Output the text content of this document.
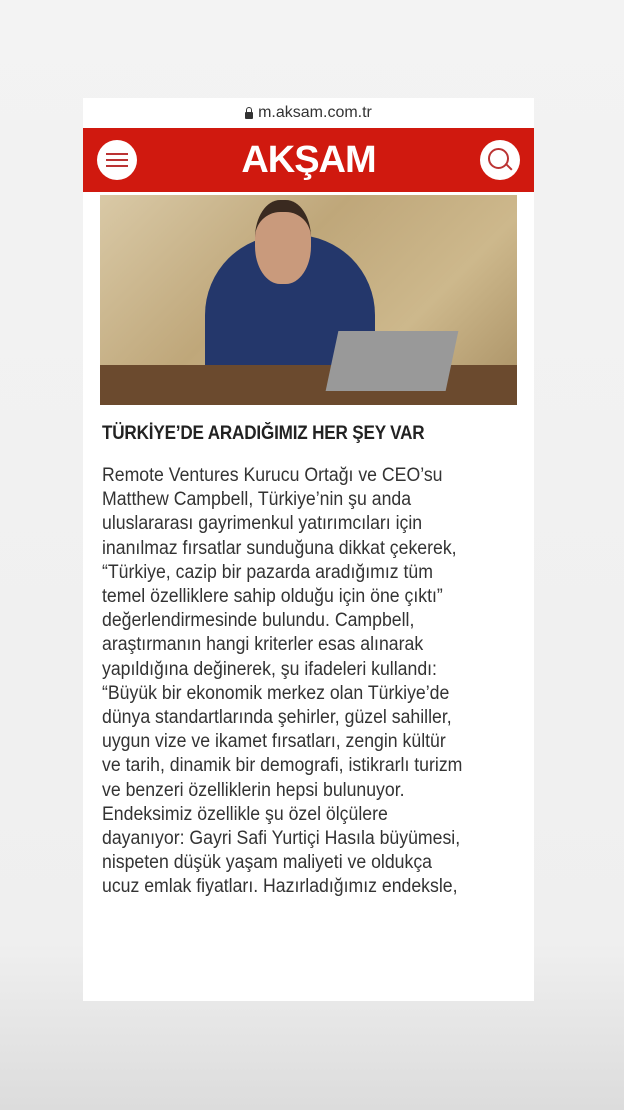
m.aksam.com.tr
AKŞAM
TÜRKİYE’DE ARADIĞIMIZ HER ŞEY VAR
Remote Ventures Kurucu Ortağı ve CEO’su
Matthew Campbell, Türkiye’nin şu anda
uluslararası gayrimenkul yatırımcıları için
inanılmaz fırsatlar sunduğuna dikkat çekerek,
“Türkiye, cazip bir pazarda aradığımız tüm
temel özelliklere sahip olduğu için öne çıktı”
değerlendirmesinde bulundu. Campbell,
araştırmanın hangi kriterler esas alınarak
yapıldığına değinerek, şu ifadeleri kullandı:
“Büyük bir ekonomik merkez olan Türkiye’de
dünya standartlarında şehirler, güzel sahiller,
uygun vize ve ikamet fırsatları, zengin kültür
ve tarih, dinamik bir demografi, istikrarlı turizm
ve benzeri özelliklerin hepsi bulunuyor.
Endeksimiz özellikle şu özel ölçülere
dayanıyor: Gayri Safi Yurtiçi Hasıla büyümesi,
nispeten düşük yaşam maliyeti ve oldukça
ucuz emlak fiyatları. Hazırladığımız endeksle,
